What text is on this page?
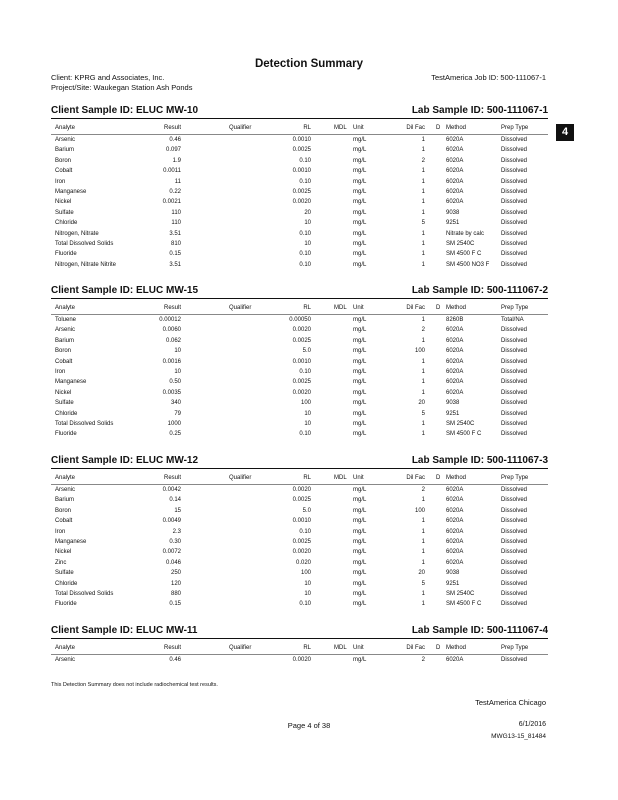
Detection Summary
Client: KPRG and Associates, Inc.
Project/Site: Waukegan Station Ash Ponds
TestAmerica Job ID: 500-111067-1
4
Client Sample ID: ELUC MW-10	Lab Sample ID: 500-111067-1
Analyte	Result	Qualifier	RL	MDL Unit	Dil Fac D Method	Prep Type
Arsenic	0.46	0.0010	mg/L	1	6020A	Dissolved
Barium	0.097	0.0025	mg/L	1	6020A	Dissolved
Boron	1.9	0.10	mg/L	2	6020A	Dissolved
Cobalt	0.0011	0.0010	mg/L	1	6020A	Dissolved
Iron	11	0.10	mg/L	1	6020A	Dissolved
Manganese	0.22	0.0025	mg/L	1	6020A	Dissolved
Nickel	0.0021	0.0020	mg/L	1	6020A	Dissolved
Sulfate	110	20	mg/L	1	9038	Dissolved
Chloride	110	10	mg/L	5	9251	Dissolved
Nitrogen, Nitrate	3.51	0.10	mg/L	1	Nitrate by calc	Dissolved
Total Dissolved Solids	810	10	mg/L	1	SM 2540C	Dissolved
Fluoride	0.15	0.10	mg/L	1	SM 4500 F C	Dissolved
Nitrogen, Nitrate Nitrite	3.51	0.10	mg/L	1	SM 4500 NO3 F Dissolved
Client Sample ID: ELUC MW-15	Lab Sample ID: 500-111067-2
Analyte	Result	Qualifier	RL	MDL Unit	Dil Fac D Method	Prep Type
Toluene	0.00012	0.00050	mg/L	1	8260B	Total/NA
Arsenic	0.0060	0.0020	mg/L	2	6020A	Dissolved
Barium	0.062	0.0025	mg/L	1	6020A	Dissolved
Boron	10	5.0	mg/L	100	6020A	Dissolved
Cobalt	0.0016	0.0010	mg/L	1	6020A	Dissolved
Iron	10	0.10	mg/L	1	6020A	Dissolved
Manganese	0.50	0.0025	mg/L	1	6020A	Dissolved
Nickel	0.0035	0.0020	mg/L	1	6020A	Dissolved
Sulfate	340	100	mg/L	20	9038	Dissolved
Chloride	79	10	mg/L	5	9251	Dissolved
Total Dissolved Solids	1000	10	mg/L	1	SM 2540C	Dissolved
Fluoride	0.25	0.10	mg/L	1	SM 4500 F C	Dissolved
Client Sample ID: ELUC MW-12	Lab Sample ID: 500-111067-3
Analyte	Result	Qualifier	RL	MDL Unit	Dil Fac D Method	Prep Type
Arsenic	0.0042	0.0020	mg/L	2	6020A	Dissolved
Barium	0.14	0.0025	mg/L	1	6020A	Dissolved
Boron	15	5.0	mg/L	100	6020A	Dissolved
Cobalt	0.0049	0.0010	mg/L	1	6020A	Dissolved
Iron	2.3	0.10	mg/L	1	6020A	Dissolved
Manganese	0.30	0.0025	mg/L	1	6020A	Dissolved
Nickel	0.0072	0.0020	mg/L	1	6020A	Dissolved
Zinc	0.046	0.020	mg/L	1	6020A	Dissolved
Sulfate	250	100	mg/L	20	9038	Dissolved
Chloride	120	10	mg/L	5	9251	Dissolved
Total Dissolved Solids	880	10	mg/L	1	SM 2540C	Dissolved
Fluoride	0.15	0.10	mg/L	1	SM 4500 F C	Dissolved
Client Sample ID: ELUC MW-11	Lab Sample ID: 500-111067-4
Analyte	Result	Qualifier	RL	MDL Unit	Dil Fac D Method	Prep Type
Arsenic	0.46	0.0020	mg/L	2	6020A	Dissolved
This Detection Summary does not include radiochemical test results.
TestAmerica Chicago
Page 4 of 38	6/1/2016
MWG13-15_81484
